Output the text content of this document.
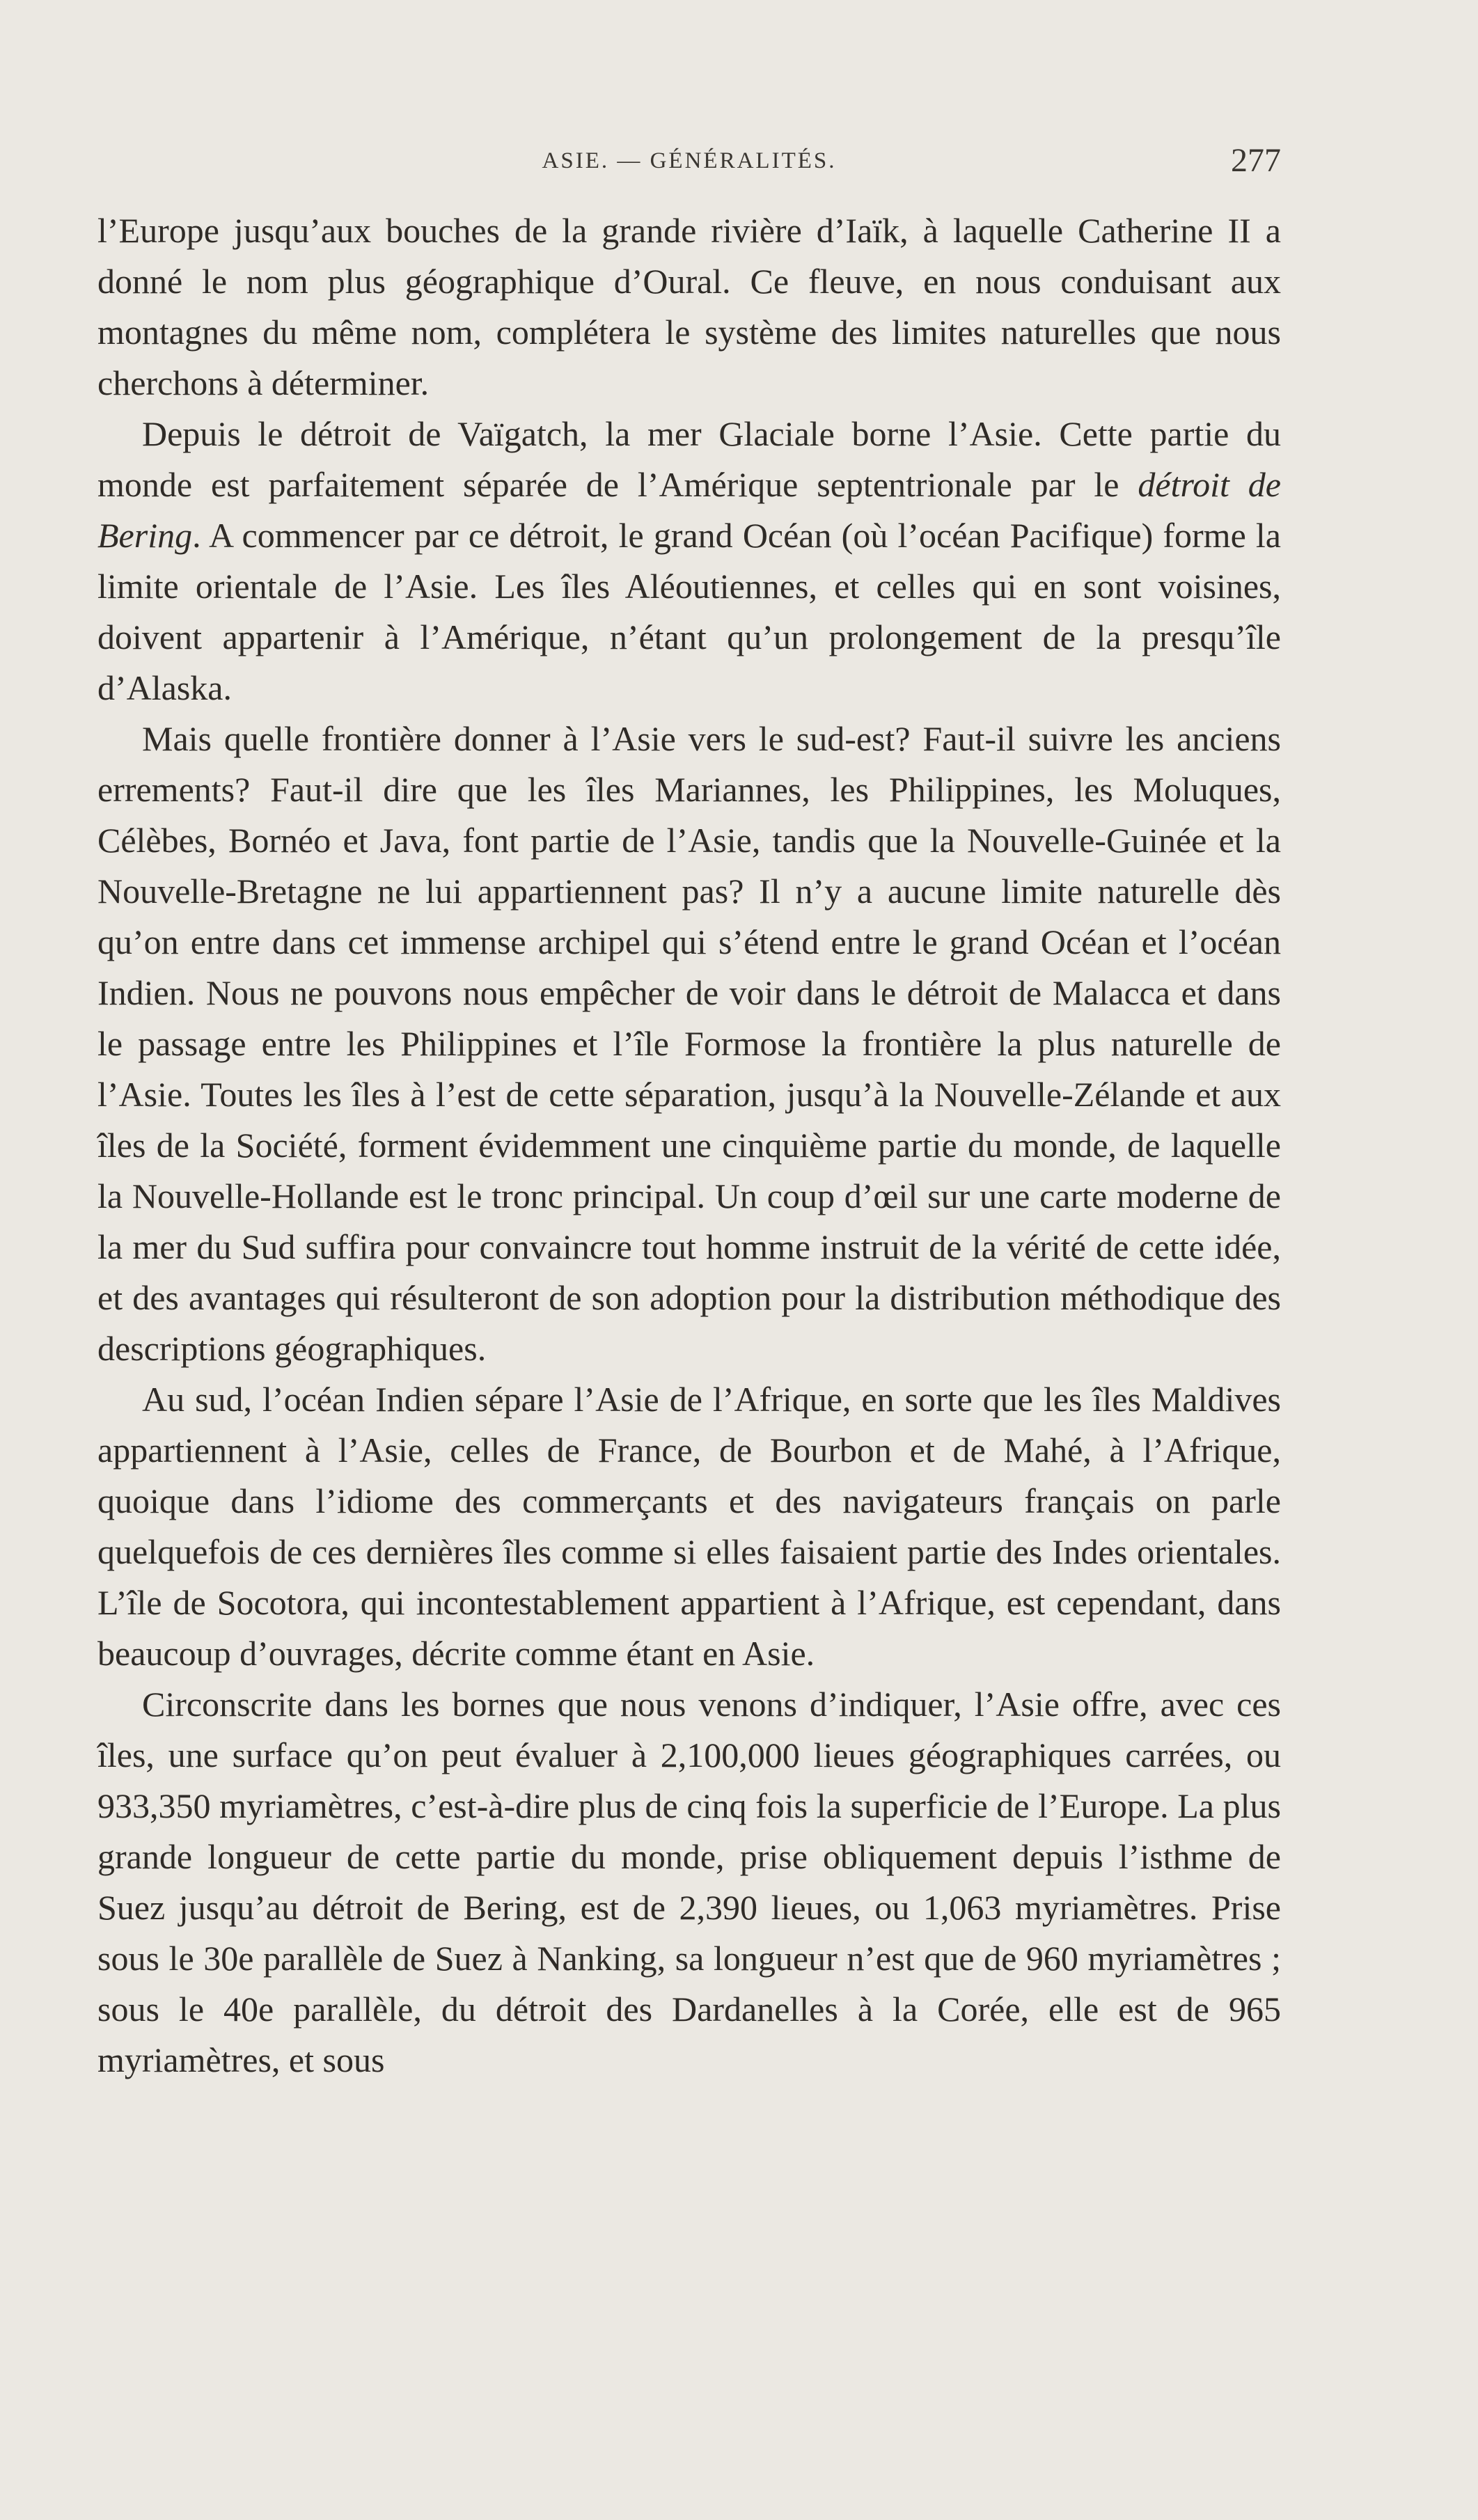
ASIE. — GÉNÉRALITÉS.	277

l’Europe jusqu’aux bouches de la grande rivière d’Iaïk, à laquelle Catherine II a donné le nom plus géographique d’Oural. Ce fleuve, en nous conduisant aux montagnes du même nom, complétera le système des limites naturelles que nous cherchons à déterminer.

Depuis le détroit de Vaïgatch, la mer Glaciale borne l’Asie. Cette partie du monde est parfaitement séparée de l’Amérique septentrionale par le détroit de Bering. A commencer par ce détroit, le grand Océan (où l’océan Pacifique) forme la limite orientale de l’Asie. Les îles Aléoutiennes, et celles qui en sont voisines, doivent appartenir à l’Amérique, n’étant qu’un prolongement de la presqu’île d’Alaska.

Mais quelle frontière donner à l’Asie vers le sud-est? Faut-il suivre les anciens errements? Faut-il dire que les îles Mariannes, les Philippines, les Moluques, Célèbes, Bornéo et Java, font partie de l’Asie, tandis que la Nouvelle-Guinée et la Nouvelle-Bretagne ne lui appartiennent pas? Il n’y a aucune limite naturelle dès qu’on entre dans cet immense archipel qui s’étend entre le grand Océan et l’océan Indien. Nous ne pouvons nous empêcher de voir dans le détroit de Malacca et dans le passage entre les Philippines et l’île Formose la frontière la plus naturelle de l’Asie. Toutes les îles à l’est de cette séparation, jusqu’à la Nouvelle-Zélande et aux îles de la Société, forment évidemment une cinquième partie du monde, de laquelle la Nouvelle-Hollande est le tronc principal. Un coup d’œil sur une carte moderne de la mer du Sud suffira pour convaincre tout homme instruit de la vérité de cette idée, et des avantages qui résulteront de son adoption pour la distribution méthodique des descriptions géographiques.

Au sud, l’océan Indien sépare l’Asie de l’Afrique, en sorte que les îles Maldives appartiennent à l’Asie, celles de France, de Bourbon et de Mahé, à l’Afrique, quoique dans l’idiome des commerçants et des navigateurs français on parle quelquefois de ces dernières îles comme si elles faisaient partie des Indes orientales. L’île de Socotora, qui incontestablement appartient à l’Afrique, est cependant, dans beaucoup d’ouvrages, décrite comme étant en Asie.

Circonscrite dans les bornes que nous venons d’indiquer, l’Asie offre, avec ces îles, une surface qu’on peut évaluer à 2,100,000 lieues géographiques carrées, ou 933,350 myriamètres, c’est-à-dire plus de cinq fois la superficie de l’Europe. La plus grande longueur de cette partie du monde, prise obliquement depuis l’isthme de Suez jusqu’au détroit de Bering, est de 2,390 lieues, ou 1,063 myriamètres. Prise sous le 30e parallèle de Suez à Nanking, sa longueur n’est que de 960 myriamètres ; sous le 40e parallèle, du détroit des Dardanelles à la Corée, elle est de 965 myriamètres, et sous
